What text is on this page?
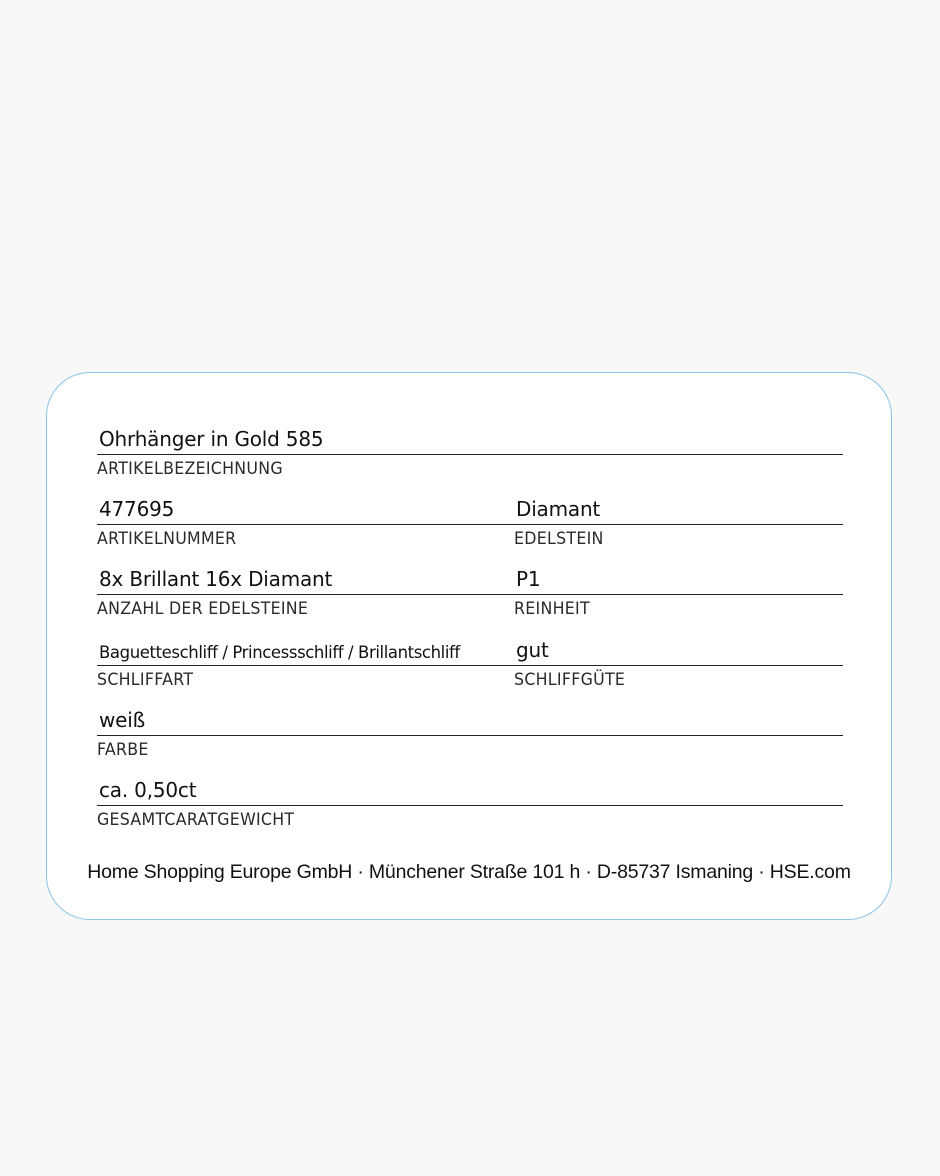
Ohrhänger in Gold 585
ARTIKELBEZEICHNUNG
477695
ARTIKELNUMMER
Diamant
EDELSTEIN
8x Brillant 16x Diamant
ANZAHL DER EDELSTEINE
P1
REINHEIT
Baguetteschliff / Princessschliff / Brillantschliff
SCHLIFFART
gut
SCHLIFFGÜTE
weiß
FARBE
ca. 0,50ct
GESAMTCARATGEWICHT
Home Shopping Europe GmbH · Münchener Straße 101 h · D-85737 Ismaning · HSE.com
